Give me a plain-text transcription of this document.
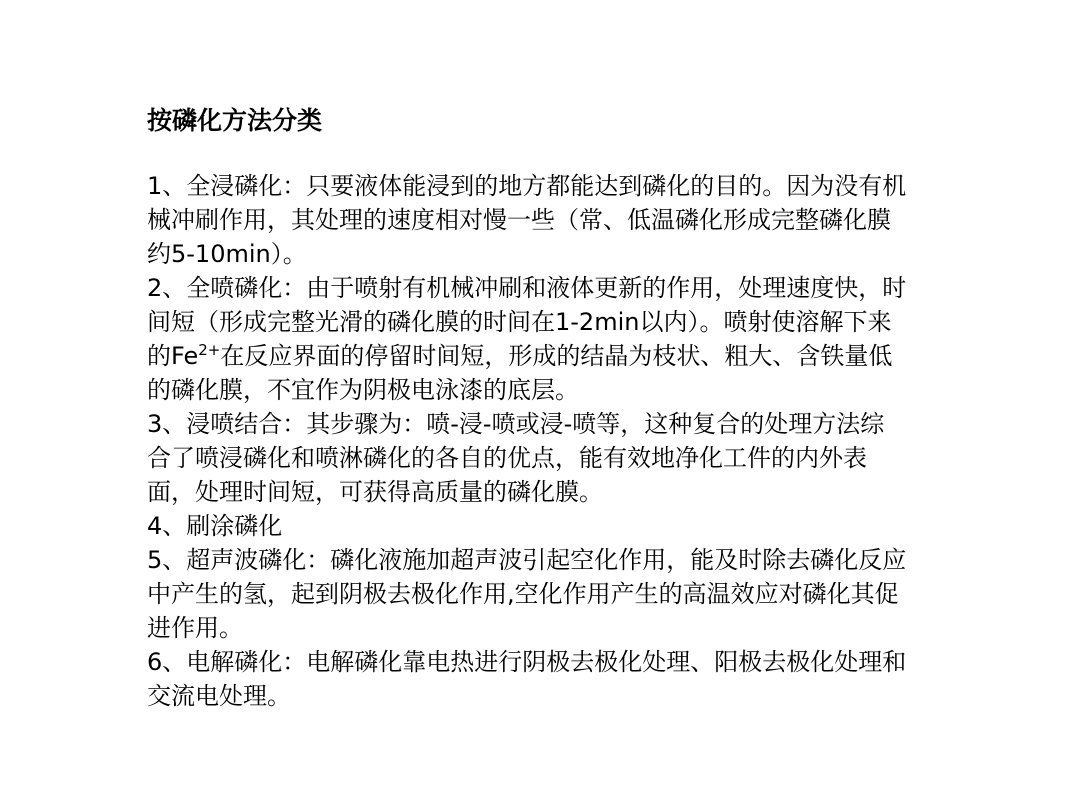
按磷化方法分类

1、全浸磷化：只要液体能浸到的地方都能达到磷化的目的。因为没有机械冲刷作用，其处理的速度相对慢一些（常、低温磷化形成完整磷化膜约5-10min）。

2、全喷磷化：由于喷射有机械冲刷和液体更新的作用，处理速度快，时间短（形成完整光滑的磷化膜的时间在1-2min以内）。喷射使溶解下来的$Fe^{2+}$在反应界面的停留时间短，形成的结晶为枝状、粗大、含铁量低的磷化膜，不宜作为阴极电泳漆的底层。

3、浸喷结合：其步骤为：喷-浸-喷或浸-喷等，这种复合的处理方法综合了喷浸磷化和喷淋磷化的各自的优点，能有效地净化工件的内外表面，处理时间短，可获得高质量的磷化膜。

4、刷涂磷化

5、超声波磷化：磷化液施加超声波引起空化作用，能及时除去磷化反应中产生的氢，起到阴极去极化作用,空化作用产生的高温效应对磷化其促进作用。

6、电解磷化：电解磷化靠电热进行阴极去极化处理、阳极去极化处理和交流电处理。
